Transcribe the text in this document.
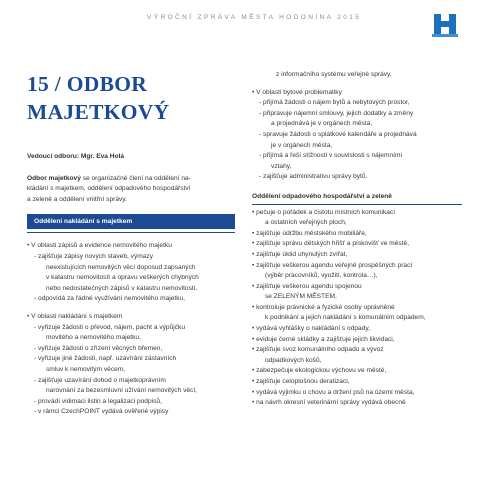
VÝROČNÍ ZPRÁVA MĚSTA HODONÍNA 2015
15 / ODBOR
MAJETKOVÝ

Vedoucí odboru: Mgr. Eva Holá

Odbor majetkový se organizačně člení na oddělení na-
kládání s majetkem, oddělení odpadového hospodářství
a zeleně a oddělení vnitřní správy.

Oddělení nakládání s majetkem
• V oblasti zápisů a evidence nemovitého majetku
- zajišťuje zápisy nových staveb, výmazy
neexistujících nemovitých věcí doposud zapsaných
v katastru nemovitostí a opravu veškerých chybných
nebo nedostatečných zápisů v katastru nemovitostí,
- odpovídá za řádné využívání nemovitého majetku,
• V oblasti nakládání s majetkem
- vyřizuje žádosti o převod, nájem, pacht a výpůjčku
movitého a nemovitého majetku,
- vyřizuje žádosti o zřízení věcných břemen,
- vyřizuje jiné žádosti, např. uzavírání zástavních
smluv k nemovitým věcem,
- zajišťuje uzavírání dohod o majetkoprávním
narovnání za bezesmluvní užívání nemovitých věcí,
- provádí vidimaci listin a legalizaci podpisů,
- v rámci CzechPOINT vydává ověřené výpisy
z informačního systému veřejné správy,
• V oblasti bytové problematiky
- přijímá žádosti o nájem bytů a nebytových prostor,
- připravuje nájemní smlouvy, jejich dodatky a změny
a projednává je v orgánech města,
- spravuje žádosti o splátkové kalendáře a projednává
je v orgánech města,
- přijímá a řeší stížnosti v souvislosti s nájemními
vztahy,
- zajišťuje administrativu správy bytů.

Oddělení odpadového hospodářství a zeleně

• pečuje o pořádek a čistotu místních komunikací
a ostatních veřejných ploch,
• zajišťuje údržbu městského mobiliáře,
• zajišťuje správu dětských hřišť a pískovišť ve městě,
• zajišťuje úklid uhynulých zvířat,
• zajišťuje veškerou agendu veřejně prospěšných prací
(výběr pracovníků, využití, kontrola…),
• zajišťuje veškerou agendu spojenou
se ZELENÝM MĚSTEM,
• kontroluje právnické a fyzické osoby oprávněné
k podnikání a jejich nakládání s komunálním odpadem,
• vydává vyhlášky o nakládání s odpady,
• eviduje černé skládky a zajišťuje jejich likvidaci,
• zajišťuje svoz komunálního odpadu a vývoz
odpadkových košů,
• zabezpečuje ekologickou výchovu ve městě,
• zajišťuje celoplošnou deratizaci,
• vydává výjimku o chovu a držení psů na území města,
• na návrh okresní veterinární správy vydává obecně
